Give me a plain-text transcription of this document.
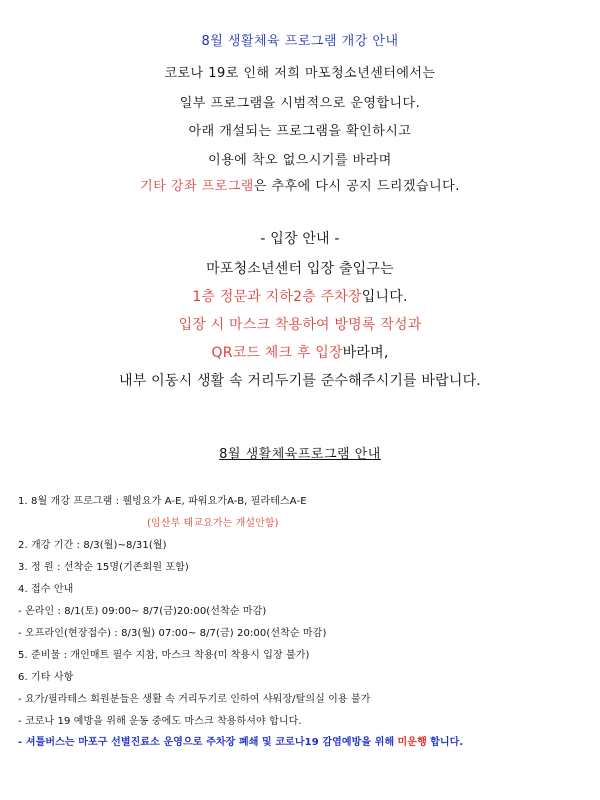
8월 생활체육 프로그램 개강 안내
코로나 19로 인해 저희 마포청소년센터에서는
일부 프로그램을 시범적으로 운영합니다.
아래 개설되는 프로그램을 확인하시고
이용에 착오 없으시기를 바라며
기타 강좌 프로그램은 추후에 다시 공지 드리겠습니다.
- 입장 안내 -
마포청소년센터 입장 출입구는
1층 정문과 지하2층 주차장입니다.
입장 시 마스크 착용하여 방명록 작성과
QR코드 체크 후 입장바라며,
내부 이동시 생활 속 거리두기를 준수해주시기를 바랍니다.
8월 생활체육프로그램 안내
1. 8월 개강 프로그램 : 웰빙요가 A-E, 파워요가A-B, 필라테스A-E
(임산부 태교요가는 개설안함)
2. 개강 기간 : 8/3(월)~8/31(월)
3. 정 원 : 선착순 15명(기존회원 포함)
4. 접수 안내
- 온라인 : 8/1(토) 09:00~ 8/7(금)20:00(선착순 마감)
- 오프라인(현장접수) : 8/3(월) 07:00~ 8/7(금) 20:00(선착순 마감)
5. 준비물 : 개인매트 필수 지참, 마스크 착용(미 착용시 입장 불가)
6. 기타 사항
- 요가/필라테스 회원분들은 생활 속 거리두기로 인하여 샤워장/탈의실 이용 불가
- 코로나 19 예방을 위해 운동 중에도 마스크 착용하셔야 합니다.
- 셔틀버스는 마포구 선별진료소 운영으로 주차장 폐쇄 및 코로나19 감염예방을 위해 미운행 합니다.
